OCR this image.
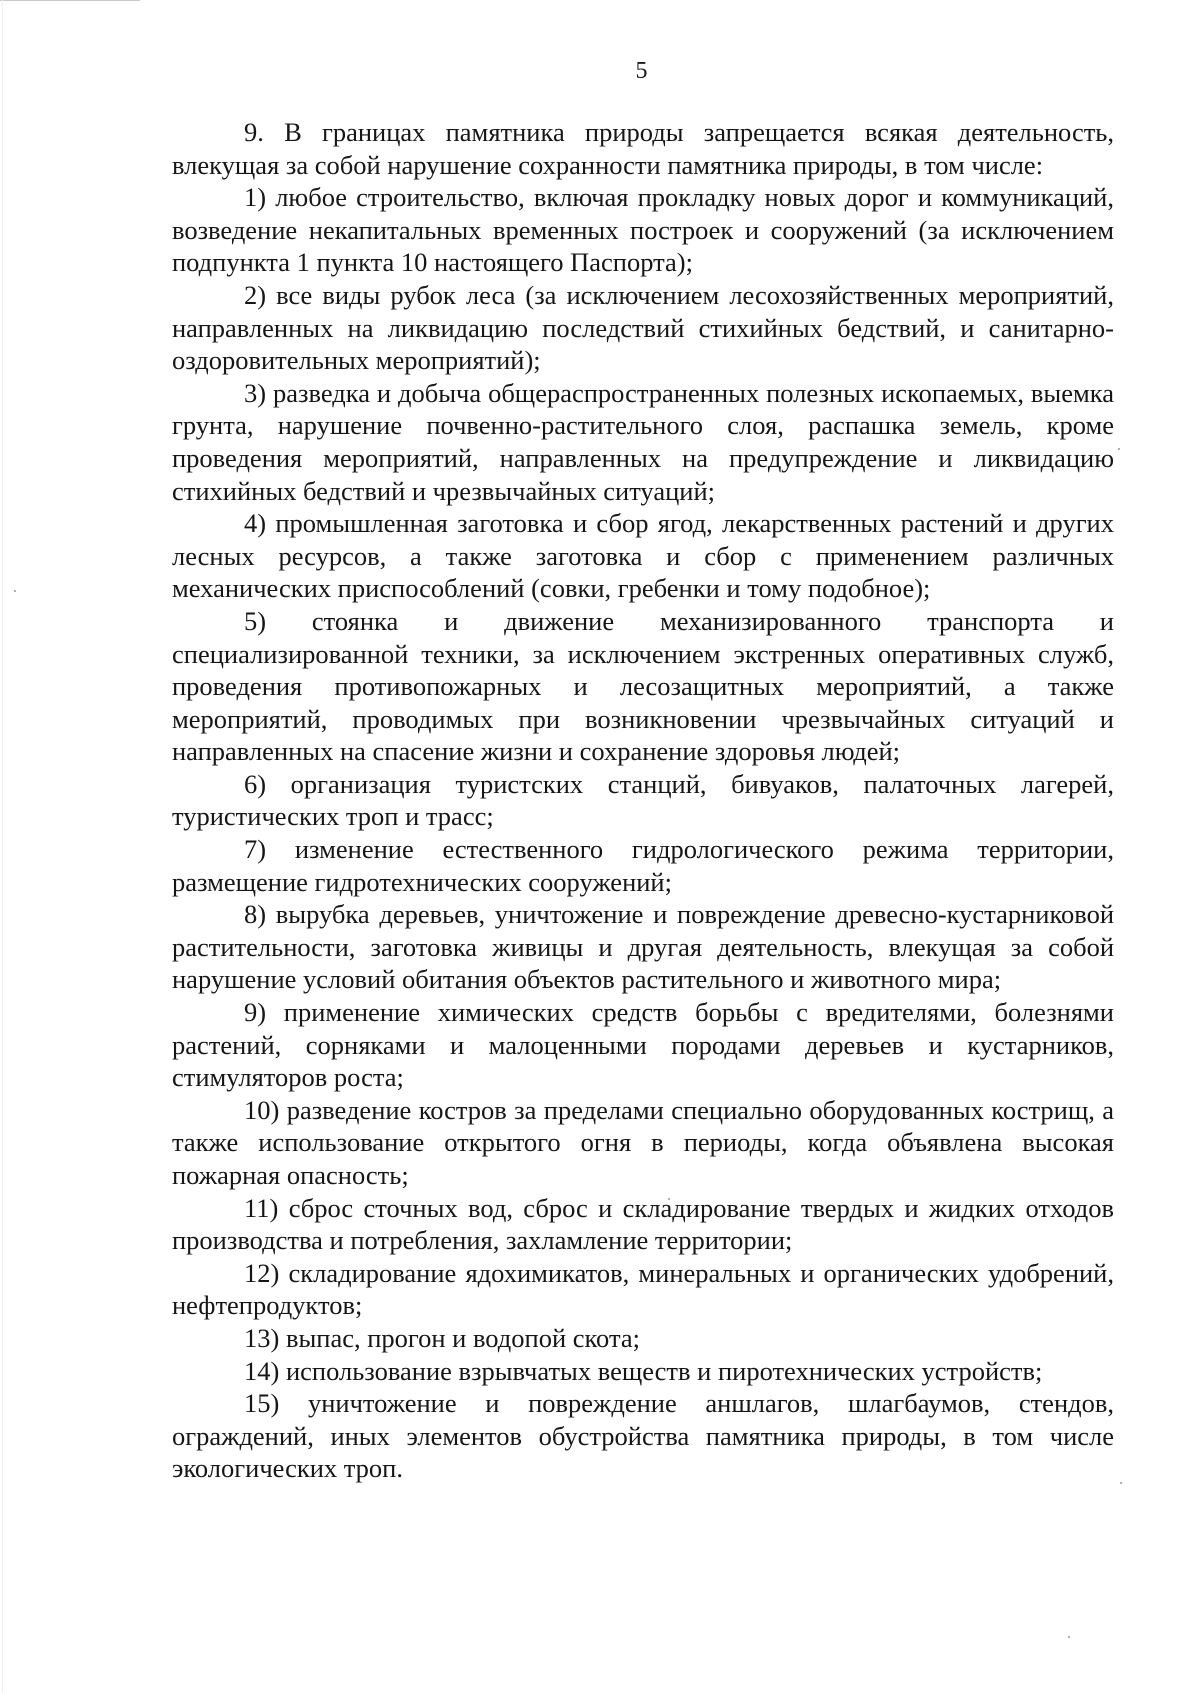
5

9. В границах памятника природы запрещается всякая деятельность, влекущая за собой нарушение сохранности памятника природы, в том числе:

1) любое строительство, включая прокладку новых дорог и коммуникаций, возведение некапитальных временных построек и сооружений (за исключением подпункта 1 пункта 10 настоящего Паспорта);

2) все виды рубок леса (за исключением лесохозяйственных мероприятий, направленных на ликвидацию последствий стихийных бедствий, и санитарно-оздоровительных мероприятий);

3) разведка и добыча общераспространенных полезных ископаемых, выемка грунта, нарушение почвенно-растительного слоя, распашка земель, кроме проведения мероприятий, направленных на предупреждение и ликвидацию стихийных бедствий и чрезвычайных ситуаций;

4) промышленная заготовка и сбор ягод, лекарственных растений и других лесных ресурсов, а также заготовка и сбор с применением различных механических приспособлений (совки, гребенки и тому подобное);

5) стоянка и движение механизированного транспорта и специализированной техники, за исключением экстренных оперативных служб, проведения противопожарных и лесозащитных мероприятий, а также мероприятий, проводимых при возникновении чрезвычайных ситуаций и направленных на спасение жизни и сохранение здоровья людей;

6) организация туристских станций, бивуаков, палаточных лагерей, туристических троп и трасс;

7) изменение естественного гидрологического режима территории, размещение гидротехнических сооружений;

8) вырубка деревьев, уничтожение и повреждение древесно-кустарниковой растительности, заготовка живицы и другая деятельность, влекущая за собой нарушение условий обитания объектов растительного и животного мира;

9) применение химических средств борьбы с вредителями, болезнями растений, сорняками и малоценными породами деревьев и кустарников, стимуляторов роста;

10) разведение костров за пределами специально оборудованных кострищ, а также использование открытого огня в периоды, когда объявлена высокая пожарная опасность;

11) сброс сточных вод, сброс и складирование твердых и жидких отходов производства и потребления, захламление территории;

12) складирование ядохимикатов, минеральных и органических удобрений, нефтепродуктов;

13) выпас, прогон и водопой скота;

14) использование взрывчатых веществ и пиротехнических устройств;

15) уничтожение и повреждение аншлагов, шлагбаумов, стендов, ограждений, иных элементов обустройства памятника природы, в том числе экологических троп.
